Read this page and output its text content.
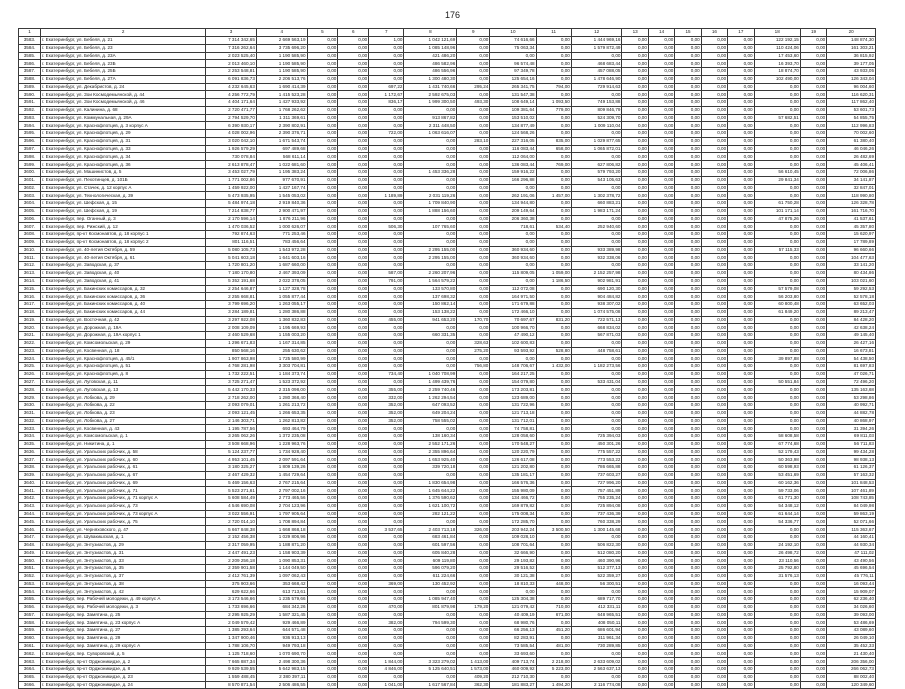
176
1	2	3	4	5	6	7	8	9	10	11	12	13	14	15	16	17	18	19	20
3583.	г. Екатеринбург, ул. Бебеля, д. 21	7 314 342,65	2 669 563,19	0,00	0,00	1,00	1 042 121,69	0,00	74 616,66	0,00	1 444 969,16	0,00	0,00	0,00	0,00	0,00	122 192,15	0,00	148 874,30
3584.	г. Екатеринбург, ул. Бебеля, д. 23	7 316 262,64	3 735 696,20	0,00	0,00	0,00	1 085 148,96	0,00	75 063,34	0,00	1 579 872,49	0,00	0,00	0,00	0,00	0,00	110 424,06	0,00	161 303,21
3585.	г. Екатеринбург, ул. Бебеля, д. 23А	2 023 525,40	1 190 585,90	0,00	0,00	0,00	421 486,20	0,00	0,00	0,00	0,00	0,00	0,00	0,00	0,00	0,00	17 453,60	0,00	36 815,92
3586.	г. Екатеринбург, ул. Бебеля, д. 23Б	2 013 460,10	1 190 585,90	0,00	0,00	0,00	486 582,96	0,00	96 574,48	0,00	468 683,44	0,00	0,00	0,00	0,00	0,00	16 393,70	0,00	39 177,05
3587.	г. Екатеринбург, ул. Бебеля, д. 25Б	2 253 548,81	1 190 585,90	0,00	0,00	0,00	486 556,96	0,00	97 349,78	0,00	457 088,05	0,00	0,00	0,00	0,00	0,00	18 874,70	0,00	43 933,05
3588.	г. Екатеринбург, ул. Бебеля, д. 27А	6 091 836,73	2 206 513,76	0,00	0,00	0,00	1 300 480,30	0,00	125 654,16	0,00	1 478 646,90	0,00	0,00	0,00	0,00	0,00	102 490,00	0,00	126 343,04
3589.	г. Екатеринбург, ул. Декабристов, д. 24	4 232 645,63	1 690 414,39	0,00	0,00	697,22	1 431 740,66	295,24	265 341,75	794,00	729 914,63	0,00	0,00	0,00	0,00	0,00	0,00	0,00	96 004,60
3590.	г. Екатеринбург, ул. Зои Космодемьянской, д. 44	4 256 772,79	1 415 523,28	0,00	0,00	1 172,67	2 592 675,03	0,00	131 547,38	0,00	0,00	0,00	0,00	0,00	0,00	0,00	0,00	0,00	116 620,31
3591.	г. Екатеринбург, ул. Зои Космодемьянской, д. 46	4 404 171,64	1 427 933,92	0,00	0,00	836,17	1 999 300,50	493,30	108 649,14	1 093,50	749 153,88	0,00	0,00	0,00	0,00	0,00	0,00	0,00	117 862,40
3592.	г. Екатеринбург, ул. Калинина, д. 68	2 720 471,77	1 768 262,62	0,00	0,00	0,00	0,00	0,00	109 381,64	779,00	809 846,79	0,00	0,00	0,00	0,00	0,00	0,00	0,00	53 601,73
3593.	г. Екатеринбург, ул. Коммунальная, д. 29А	2 794 529,70	1 311 369,61	0,00	0,00	0,00	913 867,82	0,00	153 510,02	0,00	524 309,70	0,00	0,00	0,00	0,00	0,00	57 682,51	0,00	54 855,75
3594.	г. Екатеринбург, ул. Краснофлотцев, д. 3 корпус А	6 390 930,17	2 390 802,91	0,00	0,00	0,00	2 311 448,50	0,00	134 877,49	0,00	1 009 110,04	0,00	0,00	0,00	0,00	0,00	0,00	0,00	112 996,83
3595.	г. Екатеринбург, ул. Краснофлотцев, д. 29	4 028 002,96	2 390 376,71	0,00	0,00	722,00	1 063 616,07	0,00	124 568,26	0,00	0,00	0,00	0,00	0,00	0,00	0,00	0,00	0,00	70 002,60
3596.	г. Екатеринбург, ул. Краснофлотцев, д. 31	3 020 042,10	1 671 543,74	0,00	0,00	0,00	0,00	283,10	227 316,05	835,00	1 029 877,65	0,00	0,00	0,00	0,00	0,00	0,00	0,00	61 380,40
3597.	г. Екатеринбург, ул. Краснофлотцев, д. 33	1 926 579,29	697 489,68	0,00	0,00	0,00	0,00	0,00	116 083,44	658,00	1 065 872,01	0,00	0,00	0,00	0,00	0,00	0,00	0,00	46 046,26
3598.	г. Екатеринбург, ул. Краснофлотцев, д. 34	730 078,84	568 611,14	0,00	0,00	0,00	0,00	0,00	112 064,00	0,00	0,00	0,00	0,00	0,00	0,00	0,00	0,00	0,00	26 482,69
3599.	г. Екатеринбург, ул. Краснофлотцев, д. 36	2 613 878,47	1 022 681,60	0,00	0,00	0,00	0,00	0,00	136 083,44	769,00	627 806,82	0,00	0,00	0,00	0,00	0,00	0,00	0,00	45 406,41
3600.	г. Екатеринбург, ул. Машинистов, д. 5	3 453 027,79	1 195 383,24	0,00	0,00	0,00	1 453 336,28	0,00	159 916,22	0,00	579 793,20	0,00	0,00	0,00	0,00	0,00	56 610,45	0,00	72 006,86
3601.	г. Екатеринбург, ул. Пехотинцев, д. 101Б	1 771 002,86	977 670,91	0,00	0,00	0,00	0,00	0,00	166 296,88	0,00	543 105,63	0,00	0,00	0,00	0,00	0,00	29 841,34	0,00	34 141,87
3602.	г. Екатеринбург, ул. Стачек, д. 12 корпус А	1 459 922,00	1 427 167,74	0,00	0,00	0,00	0,00	0,00	0,00	0,00	0,00	0,00	0,00	0,00	0,00	0,00	0,00	0,00	32 847,01
3603.	г. Екатеринбург, ул. Технологическая, д. 39	5 473 935,95	1 545 053,02	0,00	0,00	1 189,89	2 031 119,26	0,00	262 191,06	1 457,00	1 302 378,72	0,00	0,00	0,00	0,00	0,00	0,00	0,00	118 990,80
3604.	г. Екатеринбург, ул. Шефская, д. 15	5 484 974,18	2 919 840,36	0,00	0,00	0,00	1 709 840,90	0,00	134 944,80	0,00	660 883,21	0,00	0,00	0,00	0,00	0,00	61 750,28	0,00	126 328,78
3605.	г. Екатеринбург, ул. Шефская, д. 19	7 214 838,77	2 900 471,97	0,00	0,00	0,00	1 888 156,60	0,00	209 149,64	0,00	1 983 171,24	0,00	0,00	0,00	0,00	0,00	101 171,14	0,00	161 716,70
3606.	г. Екатеринбург, пер. Оганный, д. 3	2 170 596,14	1 876 211,96	0,00	0,00	0,00	0,00	0,00	206 360,38	0,00	0,00	0,00	0,00	0,00	0,00	0,00	47 875,26	0,00	41 537,61
3607.	г. Екатеринбург, пер. Рижский, д. 12	1 470 036,52	1 000 626,07	0,00	0,00	506,30	107 765,60	0,00	718,61	534,40	252 940,60	0,00	0,00	0,00	0,00	0,00	0,00	0,00	45 357,80
3608.	г. Екатеринбург, пр-кт Космонавтов, д. 18 корпус 1	792 874,63	771 253,46	0,00	0,00	0,00	0,00	0,00	0,00	0,00	0,00	0,00	0,00	0,00	0,00	0,00	0,00	0,00	15 620,97
3609.	г. Екатеринбург, пр-кт Космонавтов, д. 18 корпус 2	801 116,51	783 456,64	0,00	0,00	0,00	0,00	0,00	0,00	0,00	0,00	0,00	0,00	0,00	0,00	0,00	0,00	0,00	17 789,89
3610.	г. Екатеринбург, ул. 40-летия Октября, д. 59	5 080 105,73	1 543 972,28	0,00	0,00	0,00	2 295 155,00	0,00	360 934,60	0,00	933 389,98	0,00	0,00	0,00	0,00	0,00	57 115,33	0,00	96 660,66
3611.	г. Екатеринбург, ул. 40-летия Октября, д. 61	5 041 603,18	1 641 603,16	0,00	0,00	0,00	2 295 155,00	0,00	360 934,60	0,00	932 338,06	0,00	0,00	0,00	0,00	0,00	0,00	0,00	104 477,63
3612.	г. Екатеринбург, ул. Заводская, д. 37	1 720 801,20	1 687 660,00	0,00	0,00	0,00	0,00	0,00	0,00	0,00	0,00	0,00	0,00	0,00	0,00	0,00	0,00	0,00	33 141,20
3613.	г. Екатеринбург, ул. Заводская, д. 40	7 180 170,80	2 467 393,09	0,00	0,00	587,00	2 260 207,96	0,00	115 809,05	1 059,00	2 152 257,98	0,00	0,00	0,00	0,00	0,00	0,00	0,00	80 434,86
3614.	г. Екатеринбург, ул. Заводская, д. 41	5 352 191,68	2 022 378,05	0,00	0,00	791,00	1 564 579,22	0,00	0,00	1 186,50	902 981,91	0,00	0,00	0,00	0,00	0,00	0,00	0,00	103 021,60
3615.	г. Екатеринбург, ул. Бакинских комиссаров, д. 32	2 254 646,87	1 127 328,78	0,00	0,00	0,00	133 570,80	0,00	112 072,08	0,00	690 120,30	0,00	0,00	0,00	0,00	0,00	57 579,08	0,00	59 292,53
3616.	г. Екатеринбург, ул. Бакинских комиссаров, д. 36	2 255 668,81	1 055 877,44	0,00	0,00	0,00	137 698,32	0,00	164 971,50	0,00	904 484,82	0,00	0,00	0,00	0,00	0,00	56 203,80	0,00	52 578,18
3617.	г. Екатеринбург, ул. Бакинских комиссаров, д. 40	3 799 696,20	1 263 055,17	0,00	0,00	0,00	150 862,14	0,00	171 679,88	0,00	938 307,02	0,00	0,00	0,00	0,00	0,00	60 800,48	0,00	63 652,03
3618.	г. Екатеринбург, ул. Бакинских комиссаров, д. 44	3 284 189,81	1 280 386,88	0,00	0,00	0,00	153 138,22	0,00	172 466,10	0,00	1 074 575,08	0,00	0,00	0,00	0,00	0,00	61 849,20	0,00	89 213,47
3619.	г. Екатеринбург, ул. Восточная, д. 42	3 297 922,08	1 360 832,83	0,00	0,00	455,00	941 653,20	170,70	70 697,67	831,20	722 571,13	0,00	0,00	0,00	0,00	0,00	0,00	0,00	84 428,20
3620.	г. Екатеринбург, ул. Дорожная, д. 19А	2 008 109,09	1 195 669,93	0,00	0,00	0,00	0,00	0,00	100 966,70	0,00	668 834,02	0,00	0,00	0,00	0,00	0,00	0,00	0,00	42 638,24
3621.	г. Екатеринбург, ул. Дорожная, д. 19А корпус 1	2 460 529,68	1 155 003,20	0,00	0,00	0,00	660 331,35	0,00	47 490,12	0,00	567 871,03	0,00	0,00	0,00	0,00	0,00	0,00	0,00	49 145,40
3622.	г. Екатеринбург, ул. Комсомольская, д. 29	1 296 671,83	1 167 314,85	0,00	0,00	0,00	0,00	328,63	102 600,83	0,00	0,00	0,00	0,00	0,00	0,00	0,00	0,00	0,00	26 427,16
3623.	г. Екатеринбург, ул. Косвенная, д. 18	850 568,16	255 630,62	0,00	0,00	0,00	0,00	275,20	93 593,92	528,80	448 758,61	0,00	0,00	0,00	0,00	0,00	0,00	0,00	16 673,81
3624.	г. Екатеринбург, ул. Краснофлотцев, д. 45/1	1 907 863,98	1 725 580,99	0,00	0,00	0,00	0,00	0,00	0,00	0,00	0,00	0,00	0,00	0,00	0,00	0,00	39 897,88	0,00	54 438,50
3625.	г. Екатеринбург, ул. Краснофлотцев, д. 51	4 768 281,98	3 303 704,81	0,00	0,00	0,00	0,00	756,80	148 706,67	1 432,00	1 182 273,56	0,00	0,00	0,00	0,00	0,00	0,00	0,00	81 697,83
3626.	г. Екатеринбург, ул. Краснофлотцев, д. 8	1 732 222,51	1 184 373,74	0,00	0,00	734,40	1 040 708,99	0,00	164 217,25	0,00	0,00	0,00	0,00	0,00	0,00	0,00	0,00	0,00	47 026,71
3627.	г. Екатеринбург, ул. Луговская, д. 11	3 725 271,47	1 523 372,92	0,00	0,00	0,00	1 499 439,76	0,00	154 079,80	0,00	533 431,04	0,00	0,00	0,00	0,00	0,00	50 551,84	0,00	72 496,20
3628.	г. Екатеринбург, ул. Луговская, д. 13	5 442 170,33	2 315 098,00	0,00	0,00	355,00	2 259 740,46	0,00	173 203,81	0,00	0,00	0,00	0,00	0,00	0,00	0,00	0,00	0,00	135 163,68
3629.	г. Екатеринбург, ул. Лобкова, д. 29	2 718 262,00	1 280 368,40	0,00	0,00	332,00	1 262 294,54	0,00	123 689,00	0,00	0,00	0,00	0,00	0,00	0,00	0,00	0,00	0,00	53 298,86
3630.	г. Екатеринбург, ул. Лобкова, д. 22	2 093 079,01	1 261 213,72	0,00	0,00	352,00	647 093,52	0,00	131 722,96	0,00	0,00	0,00	0,00	0,00	0,00	0,00	0,00	0,00	40 992,71
3631.	г. Екатеринбург, ул. Лобкова, д. 23	2 093 121,45	1 266 653,35	0,00	0,00	352,00	649 204,24	0,00	121 713,18	0,00	0,00	0,00	0,00	0,00	0,00	0,00	0,00	0,00	44 882,78
3632.	г. Екатеринбург, ул. Лобкова, д. 27	2 146 303,71	1 262 813,82	0,00	0,00	352,00	758 555,02	0,00	131 712,01	0,00	0,00	0,00	0,00	0,00	0,00	0,00	0,00	0,00	40 868,97
3633.	г. Екатеринбург, ул. Косвенная, д. 43	1 195 787,56	693 464,79	0,00	0,00	0,00	0,00	0,00	74 758,81	0,00	0,00	0,00	0,00	0,00	0,00	0,00	0,00	0,00	31 394,26
3634.	г. Екатеринбург, ул. Комсомольская, д. 1	3 265 062,26	1 372 235,08	0,00	0,00	0,00	138 160,34	0,00	128 058,60	0,00	725 394,03	0,00	0,00	0,00	0,00	0,00	58 608,58	0,00	69 811,03
3635.	г. Екатеринбург, ул. Никитина, д. 1	3 508 668,96	1 228 963,76	0,00	0,00	0,00	2 552 171,26	0,00	170 548,27	0,00	450 301,26	0,00	0,00	0,00	0,00	0,00	67 774,68	0,00	56 711,83
3636.	г. Екатеринбург, ул. Уральских рабочих, д. 58	5 124 237,77	1 734 928,40	0,00	0,00	0,00	2 355 896,64	0,00	120 220,79	0,00	775 557,22	0,00	0,00	0,00	0,00	0,00	52 179,43	0,00	99 434,28
3637.	г. Екатеринбург, ул. Уральских рабочих, д. 60	4 953 101,45	2 097 591,64	0,00	0,00	0,00	1 653 925,40	0,00	126 617,08	0,00	773 553,22	0,00	0,00	0,00	0,00	0,00	50 363,98	0,00	98 938,13
3638.	г. Екатеринбург, ул. Уральских рабочих, д. 61	3 180 325,27	1 809 139,26	0,00	0,00	0,00	339 720,18	0,00	121 202,80	0,00	786 665,88	0,00	0,00	0,00	0,00	0,00	60 598,93	0,00	61 126,37
3639.	г. Екатеринбург, ул. Уральских рабочих, д. 67	2 467 429,32	1 454 729,64	0,00	0,00	0,00	0,00	0,00	135 181,17	0,00	737 603,27	0,00	0,00	0,00	0,00	0,00	53 451,69	0,00	57 163,32
3640.	г. Екатеринбург, ул. Уральских рабочих, д. 69	5 469 156,63	2 767 215,64	0,00	0,00	0,00	1 830 654,98	0,00	166 576,36	0,00	727 996,20	0,00	0,00	0,00	0,00	0,00	60 162,36	0,00	101 848,53
3641.	г. Екатеринбург, ул. Уральских рабочих, д. 71	5 523 271,61	2 797 002,16	0,00	0,00	0,00	1 645 644,22	0,00	155 980,09	0,00	757 451,89	0,00	0,00	0,00	0,00	0,00	59 733,06	0,00	107 461,89
3642.	г. Екатеринбург, ул. Уральских рабочих, д. 71 корпус А	5 608 584,49	2 773 465,56	0,00	0,00	0,00	1 376 590,62	0,00	134 466,72	0,00	755 235,24	0,00	0,00	0,00	0,00	0,00	61 771,30	0,00	108 743,85
3643.	г. Екатеринбург, ул. Уральских рабочих, д. 73	4 546 690,08	2 704 123,96	0,00	0,00	0,00	1 621 100,72	0,00	169 879,82	0,00	725 894,08	0,00	0,00	0,00	0,00	0,00	54 348,12	0,00	84 049,98
3644.	г. Екатеринбург, ул. Уральских рабочих, д. 73 корпус А	3 022 556,91	1 797 905,64	0,00	0,00	0,00	282 121,22	0,00	175 008,34	0,00	737 436,39	0,00	0,00	0,00	0,00	0,00	61 644,14	0,00	59 863,19
3645.	г. Екатеринбург, ул. Уральских рабочих, д. 75	2 720 014,10	1 708 894,84	0,00	0,00	0,00	0,00	0,00	172 285,70	0,00	760 338,29	0,00	0,00	0,00	0,00	0,00	54 336,77	0,00	52 071,66
3646.	г. Екатеринбург, ул. Черняховского, д. 47	5 667 848,38	1 668 868,18	0,00	0,00	3 537,65	2 403 713,18	326,00	203 942,24	3 500,50	1 300 145,68	0,00	0,00	0,00	0,00	0,00	0,00	0,00	115 363,67
3647.	г. Екатеринбург, ул. Шувакишская, д. 1	2 152 456,38	1 029 806,96	0,00	0,00	0,00	683 461,84	0,00	109 028,10	0,00	0,00	0,00	0,00	0,00	0,00	0,00	0,00	0,00	44 160,41
3648.	г. Екатеринбург, ул. Энтузиастов, д. 29	2 317 059,95	1 188 871,20	0,00	0,00	0,00	601 597,56	0,00	108 701,64	0,00	506 822,30	0,00	0,00	0,00	0,00	0,00	24 192,10	0,00	44 930,34
3649.	г. Екатеринбург, ул. Энтузиастов, д. 31	2 447 491,23	1 158 903,39	0,00	0,00	0,00	605 840,28	0,00	32 666,90	0,00	512 080,20	0,00	0,00	0,00	0,00	0,00	26 498,72	0,00	47 111,02
3650.	г. Екатеринбург, ул. Энтузиастов, д. 33	2 209 256,18	1 090 853,31	0,00	0,00	0,00	609 119,80	0,00	29 193,82	0,00	460 390,96	0,00	0,00	0,00	0,00	0,00	23 110,56	0,00	43 490,56
3651.	г. Екатеринбург, ул. Энтузиастов, д. 35	2 359 901,58	1 144 049,50	0,00	0,00	0,00	596 079,20	0,00	29 516,52	0,00	512 377,13	0,00	0,00	0,00	0,00	0,00	25 792,80	0,00	45 696,54
3652.	г. Екатеринбург, ул. Энтузиастов, д. 37	2 412 761,39	1 097 062,43	0,00	0,00	0,00	611 224,66	0,00	30 121,38	0,00	522 359,27	0,00	0,00	0,00	0,00	0,00	31 576,13	0,00	45 776,11
3653.	г. Екатеринбург, ул. Энтузиастов, д. 38	375 903,66	353 668,42	0,00	0,00	369,00	130 452,92	0,00	18 810,33	448,00	56 300,51	0,00	0,00	0,00	0,00	0,00	0,00	0,00	16 093,44
3654.	г. Екатеринбург, ул. Энтузиастов, д. 42	629 622,66	613 713,61	0,00	0,00	0,00	0,00	0,00	0,00	0,00	0,00	0,00	0,00	0,00	0,00	0,00	0,00	0,00	15 909,07
3655.	г. Екатеринбург, пер. Рабочей молодежи, д. 49 корпус А	3 173 546,66	1 235 579,66	0,00	0,00	0,00	1 085 947,40	0,00	125 304,38	0,00	689 717,70	0,00	0,00	0,00	0,00	0,00	0,00	0,00	62 236,40
3656.	г. Екатеринбург, пер. Рабочей молодежи, д. 3	1 733 696,66	684 342,26	0,00	0,00	470,00	801 879,98	179,20	121 079,42	710,00	412 331,11	0,00	0,00	0,00	0,00	0,00	0,00	0,00	34 026,60
3657.	г. Екатеринбург, пер. Замятина, д. 25	2 295 925,29	1 587 321,45	0,00	0,00	0,00	0,00	0,00	40 409,19	671,00	648 965,51	0,00	0,00	0,00	0,00	0,00	0,00	0,00	39 093,00
3658.	г. Екатеринбург, пер. Замятина, д. 23 корпус А	2 049 579,42	929 466,89	0,00	0,00	382,00	794 599,30	0,00	68 980,76	0,00	408 050,11	0,00	0,00	0,00	0,00	0,00	0,00	0,00	53 486,69
3659.	г. Екатеринбург, пер. Замятина, д. 27	1 385 293,64	644 571,48	0,00	0,00	0,00	0,00	0,00	66 256,13	451,20	686 601,94	0,00	0,00	0,00	0,00	0,00	0,00	0,00	43 089,60
3660.	г. Екатеринбург, пер. Замятина, д. 29	1 347 900,46	936 913,13	0,00	0,00	0,00	0,00	0,00	82 283,91	0,00	311 961,34	0,00	0,00	0,00	0,00	0,00	0,00	0,00	26 049,10
3661.	г. Екатеринбург, пер. Замятина, д. 29 корпус А	1 788 106,70	949 793,18	0,00	0,00	0,00	0,00	0,00	73 585,54	481,00	730 289,85	0,00	0,00	0,00	0,00	0,00	0,00	0,00	35 452,33
3662.	г. Екатеринбург, пер. Суворовский, д. 5	1 125 718,60	1 070 690,70	0,00	0,00	0,00	0,00	0,00	33 693,60	0,00	0,00	0,00	0,00	0,00	0,00	0,00	0,00	0,00	21 430,40
3663.	г. Екатеринбург, пр-кт Орджоникидзе, д. 2	7 665 887,34	2 498 300,36	0,00	0,00	1 844,00	3 323 279,02	1 413,00	409 713,74	2 218,00	2 633 609,02	0,00	0,00	0,00	0,00	0,00	0,00	0,00	206 356,00
3664.	г. Екатеринбург, пр-кт Орджоникидзе, д. 8	9 929 539,55	5 642 983,15	0,00	0,00	4 846,00	5 125 640,51	1 573,00	460 009,92	5 223,00	2 563 637,13	0,00	0,00	0,00	0,00	0,00	0,00	0,00	266 062,73
3665.	г. Екатеринбург, пр-кт Орджоникидзе, д. 23	1 559 488,45	2 380 397,11	0,00	0,00	0,00	0,00	409,20	212 710,30	0,00	0,00	0,00	0,00	0,00	0,00	0,00	0,00	0,00	88 002,40
3666.	г. Екатеринбург, пр-кт Орджоникидзе, д. 24	8 570 871,54	2 506 486,55	0,00	0,00	1 041,00	1 617 567,84	362,30	181 883,27	1 494,20	2 116 774,08	0,00	0,00	0,00	0,00	0,00	0,00	0,00	120 349,60
